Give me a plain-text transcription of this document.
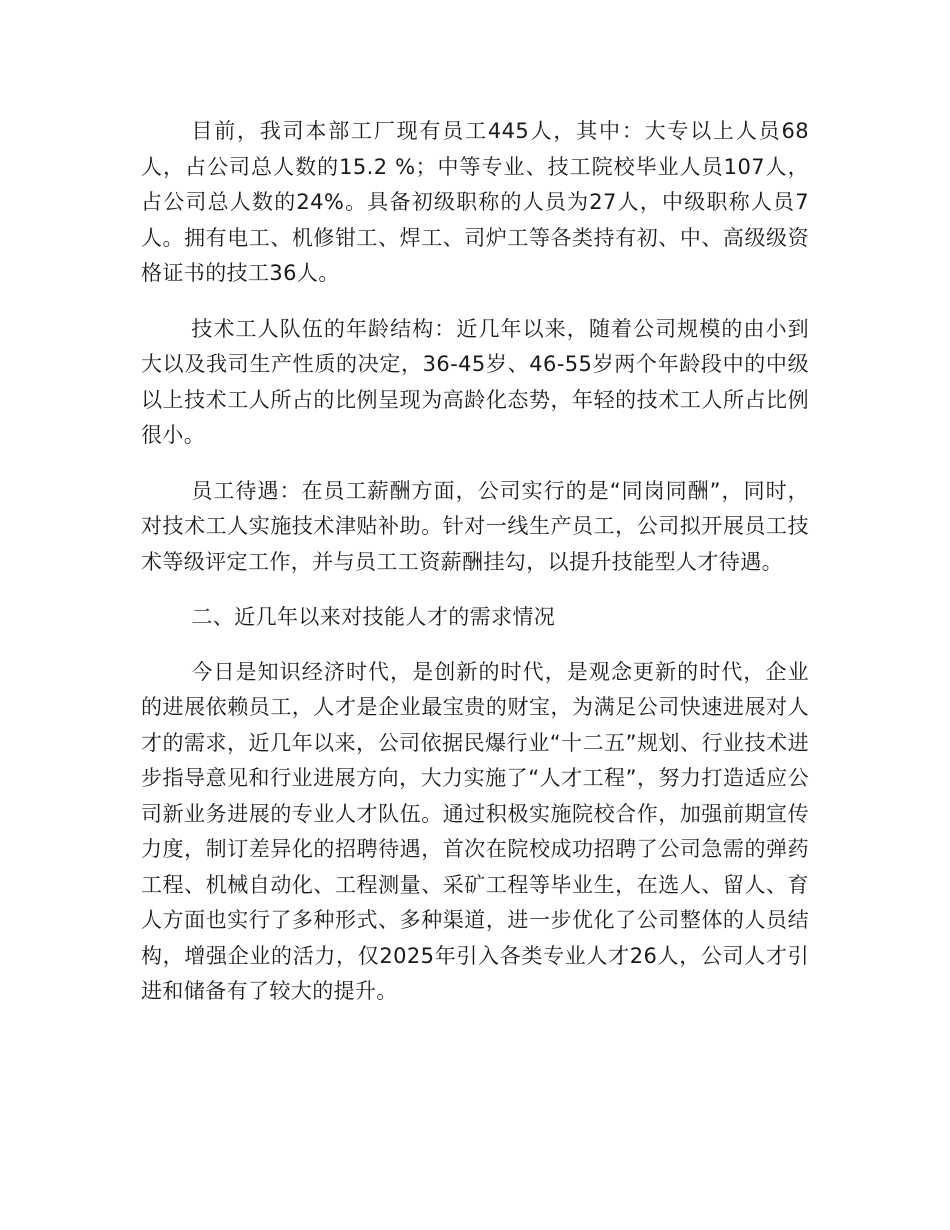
目前，我司本部工厂现有员工445人，其中：大专以上人员68人，占公司总人数的15.2 %；中等专业、技工院校毕业人员107人，占公司总人数的24%。具备初级职称的人员为27人，中级职称人员7人。拥有电工、机修钳工、焊工、司炉工等各类持有初、中、高级级资格证书的技工36人。

技术工人队伍的年龄结构：近几年以来，随着公司规模的由小到大以及我司生产性质的决定，36-45岁、46-55岁两个年龄段中的中级以上技术工人所占的比例呈现为高龄化态势，年轻的技术工人所占比例很小。

员工待遇：在员工薪酬方面，公司实行的是“同岗同酬”，同时，对技术工人实施技术津贴补助。针对一线生产员工，公司拟开展员工技术等级评定工作，并与员工工资薪酬挂勾，以提升技能型人才待遇。

二、近几年以来对技能人才的需求情况

今日是知识经济时代，是创新的时代，是观念更新的时代，企业的进展依赖员工，人才是企业最宝贵的财宝，为满足公司快速进展对人才的需求，近几年以来，公司依据民爆行业“十二五”规划、行业技术进步指导意见和行业进展方向，大力实施了“人才工程”，努力打造适应公司新业务进展的专业人才队伍。通过积极实施院校合作，加强前期宣传力度，制订差异化的招聘待遇，首次在院校成功招聘了公司急需的弹药工程、机械自动化、工程测量、采矿工程等毕业生，在选人、留人、育人方面也实行了多种形式、多种渠道，进一步优化了公司整体的人员结构，增强企业的活力，仅2025年引入各类专业人才26人，公司人才引进和储备有了较大的提升。
